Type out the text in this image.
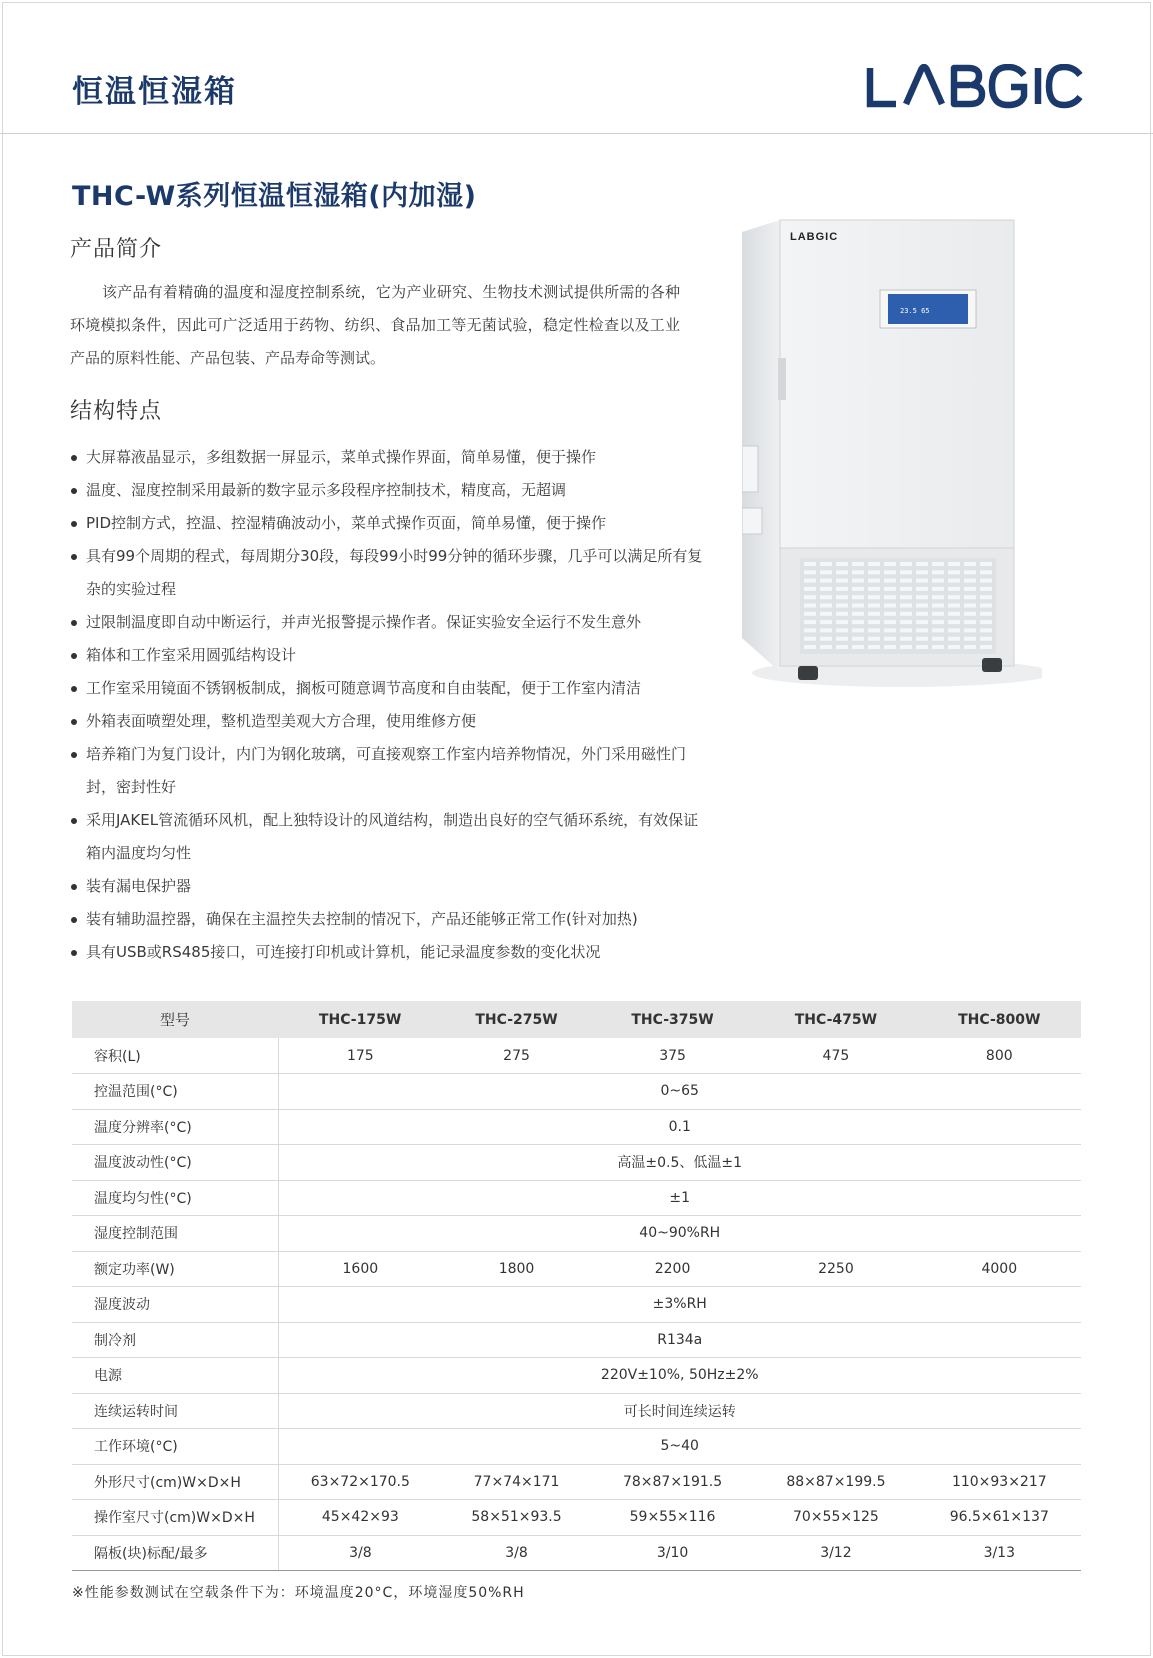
恒温恒湿箱
THC-W系列恒温恒湿箱(内加湿)
产品简介

该产品有着精确的温度和湿度控制系统，它为产业研究、生物技术测试提供所需的各种环境模拟条件，因此可广泛适用于药物、纺织、食品加工等无菌试验，稳定性检查以及工业产品的原料性能、产品包装、产品寿命等测试。

结构特点
大屏幕液晶显示，多组数据一屏显示，菜单式操作界面，简单易懂，便于操作
温度、湿度控制采用最新的数字显示多段程序控制技术，精度高，无超调
PID控制方式，控温、控湿精确波动小，菜单式操作页面，简单易懂，便于操作
具有99个周期的程式，每周期分30段，每段99小时99分钟的循环步骤，几乎可以满足所有复杂的实验过程
过限制温度即自动中断运行，并声光报警提示操作者。保证实验安全运行不发生意外
箱体和工作室采用圆弧结构设计
工作室采用镜面不锈钢板制成，搁板可随意调节高度和自由装配，便于工作室内清洁
外箱表面喷塑处理，整机造型美观大方合理，使用维修方便
培养箱门为复门设计，内门为钢化玻璃，可直接观察工作室内培养物情况，外门采用磁性门封，密封性好
采用JAKEL管流循环风机，配上独特设计的风道结构，制造出良好的空气循环系统，有效保证箱内温度均匀性
装有漏电保护器
装有辅助温控器，确保在主温控失去控制的情况下，产品还能够正常工作(针对加热)
具有USB或RS485接口，可连接打印机或计算机，能记录温度参数的变化状况
LABGIC
23.5 65
型号	THC-175W	THC-275W	THC-375W	THC-475W	THC-800W
容积(L)	175	275	375	475	800
控温范围(°C)	0~65				
温度分辨率(°C)	0.1				
温度波动性(°C)	高温±0.5、低温±1				
温度均匀性(°C)	±1				
湿度控制范围	40~90%RH				
额定功率(W)	1600	1800	2200	2250	4000
湿度波动	±3%RH				
制冷剂	R134a				
电源	220V±10%, 50Hz±2%				
连续运转时间	可长时间连续运转				
工作环境(°C)	5~40				
外形尺寸(cm)W×D×H	63×72×170.5	77×74×171	78×87×191.5	88×87×199.5	110×93×217
操作室尺寸(cm)W×D×H	45×42×93	58×51×93.5	59×55×116	70×55×125	96.5×61×137
隔板(块)标配/最多	3/8	3/8	3/10	3/12	3/13
※性能参数测试在空载条件下为：环境温度20°C，环境湿度50%RH
